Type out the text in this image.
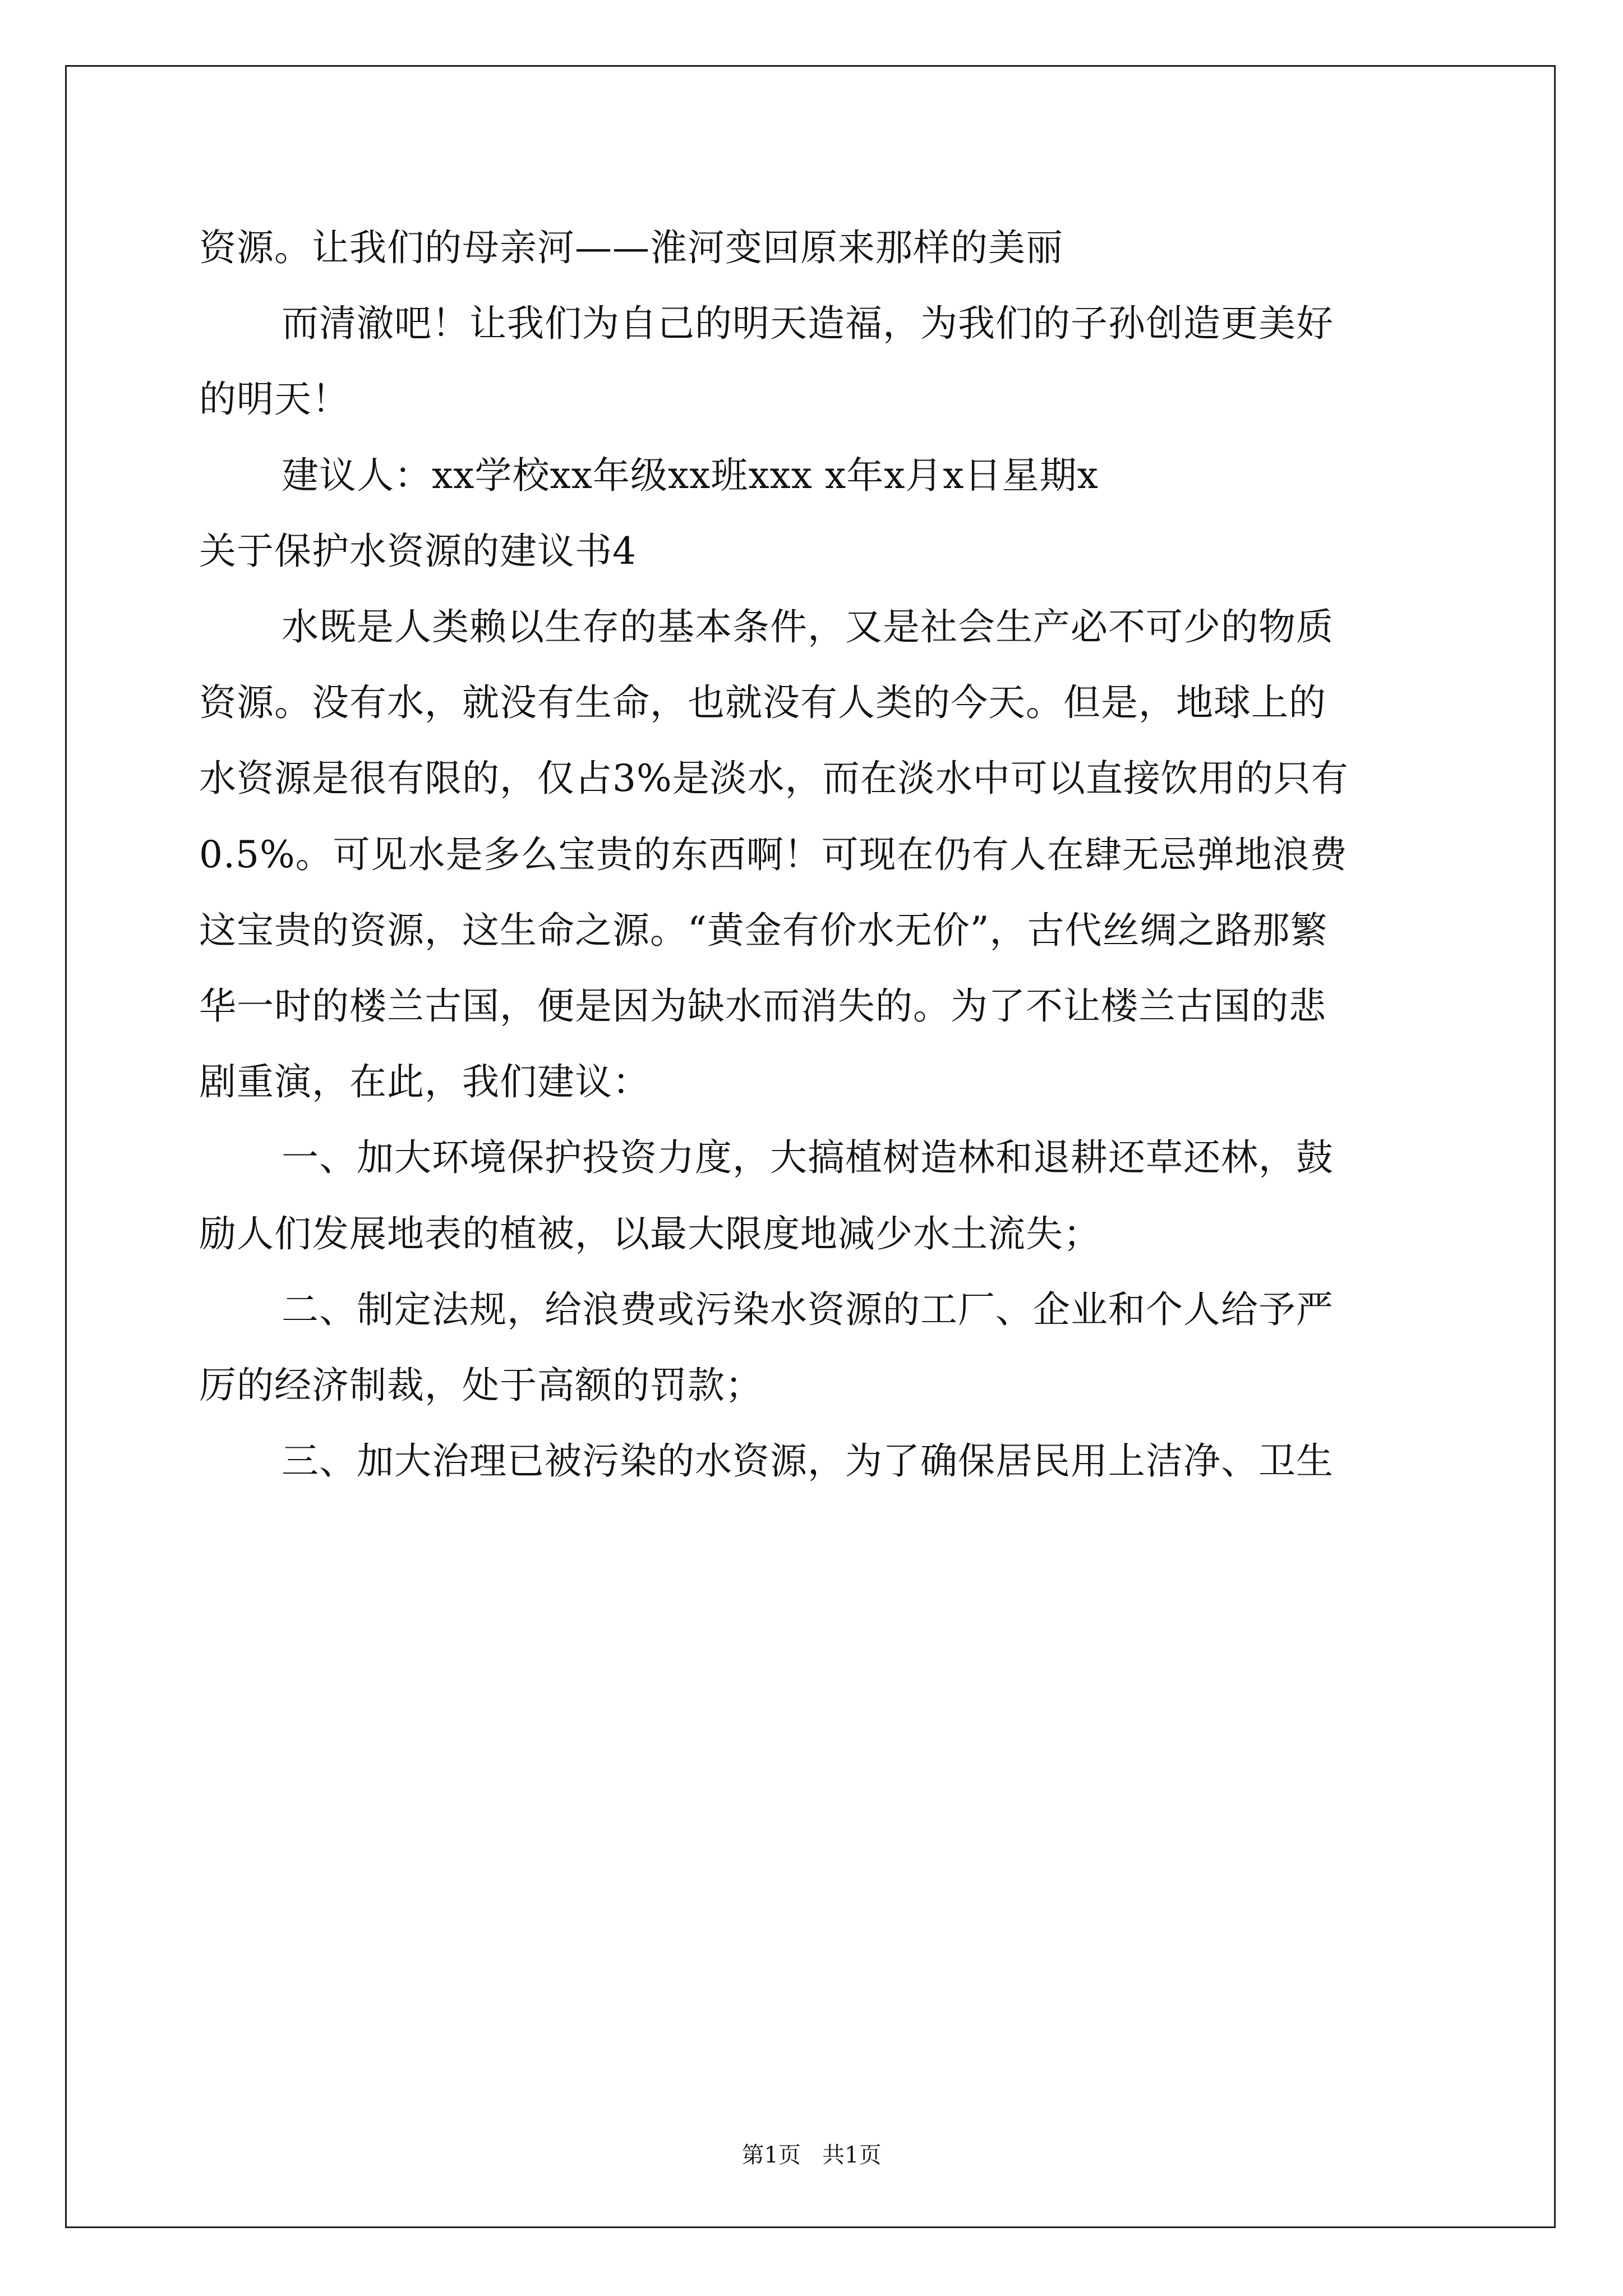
资源。让我们的母亲河——淮河变回原来那样的美丽
而清澈吧！让我们为自己的明天造福，为我们的子孙创造更美好
的明天！
建议人：xx学校xx年级xx班xxx x年x月x日星期x
关于保护水资源的建议书4
水既是人类赖以生存的基本条件，又是社会生产必不可少的物质
资源。没有水，就没有生命，也就没有人类的今天。但是，地球上的
水资源是很有限的，仅占3%是淡水，而在淡水中可以直接饮用的只有
0.5%。可见水是多么宝贵的东西啊！可现在仍有人在肆无忌弹地浪费
这宝贵的资源，这生命之源。“黄金有价水无价”，古代丝绸之路那繁
华一时的楼兰古国，便是因为缺水而消失的。为了不让楼兰古国的悲
剧重演，在此，我们建议：
一、加大环境保护投资力度，大搞植树造林和退耕还草还林，鼓
励人们发展地表的植被，以最大限度地减少水土流失；
二、制定法规，给浪费或污染水资源的工厂、企业和个人给予严
厉的经济制裁，处于高额的罚款；
三、加大治理已被污染的水资源，为了确保居民用上洁净、卫生
第1页   共1页
